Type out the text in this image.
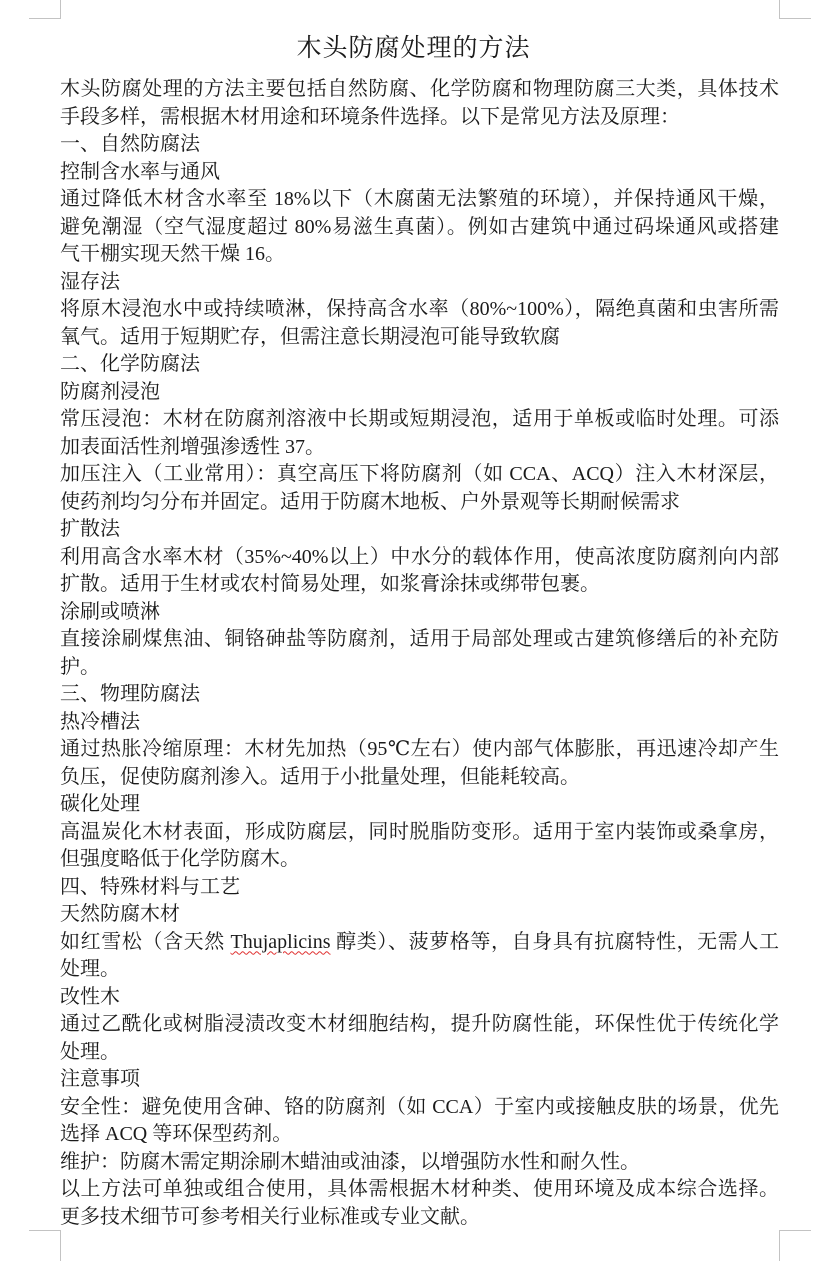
木头防腐处理的方法
木头防腐处理的方法主要包括自然防腐、化学防腐和物理防腐三大类，具体技术
手段多样，需根据木材用途和环境条件选择。以下是常见方法及原理：
一、自然防腐法
控制含水率与通风
通过降低木材含水率至 18%以下（木腐菌无法繁殖的环境），并保持通风干燥，
避免潮湿（空气湿度超过 80%易滋生真菌）。例如古建筑中通过码垛通风或搭建
气干棚实现天然干燥 16。
湿存法
将原木浸泡水中或持续喷淋，保持高含水率（80%~100%），隔绝真菌和虫害所需
氧气。适用于短期贮存，但需注意长期浸泡可能导致软腐
二、化学防腐法
防腐剂浸泡
常压浸泡：木材在防腐剂溶液中长期或短期浸泡，适用于单板或临时处理。可添
加表面活性剂增强渗透性 37。
加压注入（工业常用）：真空高压下将防腐剂（如 CCA、ACQ）注入木材深层，
使药剂均匀分布并固定。适用于防腐木地板、户外景观等长期耐候需求
扩散法
利用高含水率木材（35%~40%以上）中水分的载体作用，使高浓度防腐剂向内部
扩散。适用于生材或农村简易处理，如浆膏涂抹或绑带包裹。
涂刷或喷淋
直接涂刷煤焦油、铜铬砷盐等防腐剂，适用于局部处理或古建筑修缮后的补充防
护。
三、物理防腐法
热冷槽法
通过热胀冷缩原理：木材先加热（95℃左右）使内部气体膨胀，再迅速冷却产生
负压，促使防腐剂渗入。适用于小批量处理，但能耗较高。
碳化处理
高温炭化木材表面，形成防腐层，同时脱脂防变形。适用于室内装饰或桑拿房，
但强度略低于化学防腐木。
四、特殊材料与工艺
天然防腐木材
如红雪松（含天然 Thujaplicins 醇类）、菠萝格等，自身具有抗腐特性，无需人工
处理。
改性木
通过乙酰化或树脂浸渍改变木材细胞结构，提升防腐性能，环保性优于传统化学
处理。
注意事项
安全性：避免使用含砷、铬的防腐剂（如 CCA）于室内或接触皮肤的场景，优先
选择 ACQ 等环保型药剂。
维护：防腐木需定期涂刷木蜡油或油漆，以增强防水性和耐久性。
以上方法可单独或组合使用，具体需根据木材种类、使用环境及成本综合选择。
更多技术细节可参考相关行业标准或专业文献。
